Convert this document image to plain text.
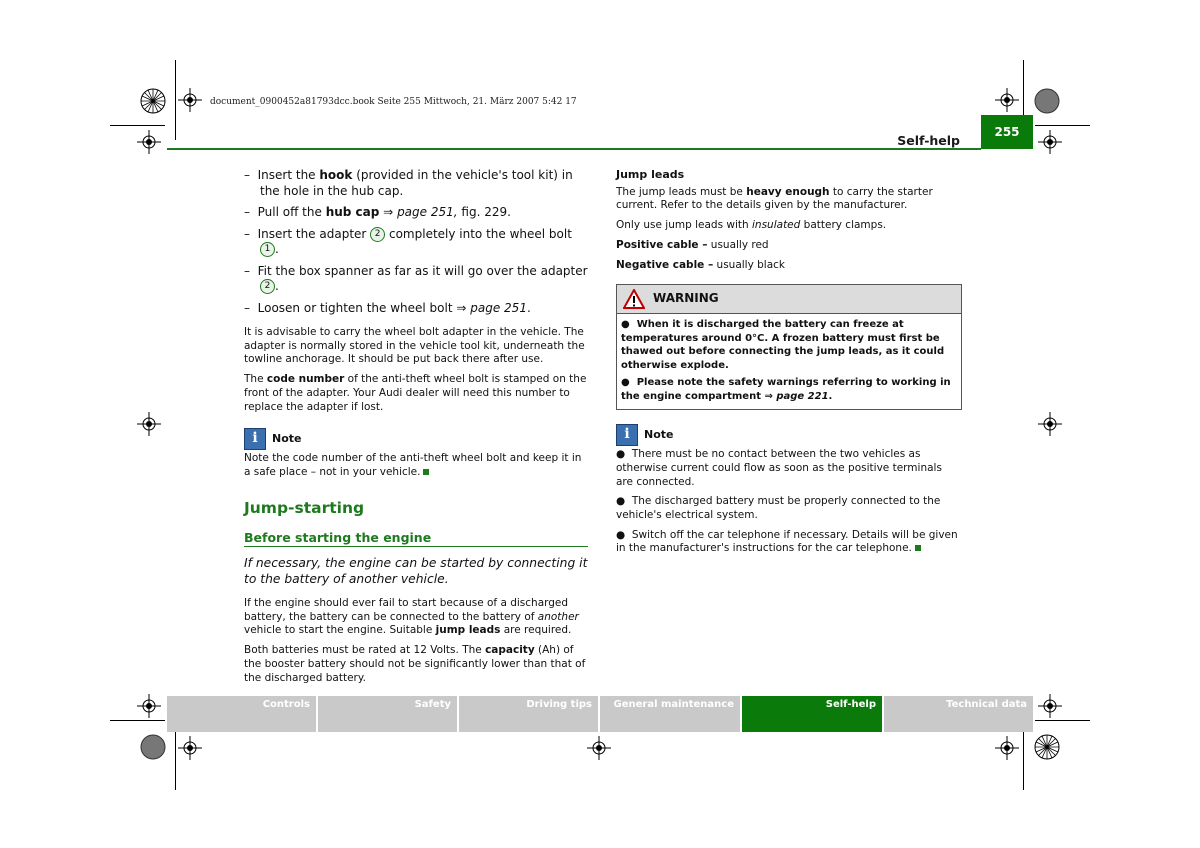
document_0900452a81793dcc.book Seite 255 Mittwoch, 21. März 2007 5:42 17
Self-help
255
–  Insert the hook (provided in the vehicle's tool kit) in the hole in the hub cap.
–  Pull off the hub cap ⇒ page 251, fig. 229.
–  Insert the adapter 2 completely into the wheel bolt 1 .
–  Fit the box spanner as far as it will go over the adapter 2 .
–  Loosen or tighten the wheel bolt ⇒ page 251.

It is advisable to carry the wheel bolt adapter in the vehicle. The adapter is normally stored in the vehicle tool kit, underneath the towline anchorage. It should be put back there after use.

The code number of the anti-theft wheel bolt is stamped on the front of the adapter. Your Audi dealer will need this number to replace the adapter if lost.

i	Note

Note the code number of the anti-theft wheel bolt and keep it in a safe place – not in your vehicle.

Jump-starting
Before starting the engine
If necessary, the engine can be started by connecting it to the battery of another vehicle.

If the engine should ever fail to start because of a discharged battery, the battery can be connected to the battery of another vehicle to start the engine. Suitable jump leads are required.

Both batteries must be rated at 12 Volts. The capacity (Ah) of the booster battery should not be significantly lower than that of the discharged battery.

Jump leads

The jump leads must be heavy enough to carry the starter current. Refer to the details given by the manufacturer.

Only use jump leads with insulated battery clamps.

Positive cable – usually red

Negative cable – usually black

WARNING

●  When it is discharged the battery can freeze at temperatures around 0°C. A frozen battery must first be thawed out before connecting the jump leads, as it could otherwise explode.

●  Please note the safety warnings referring to working in the engine compartment ⇒ page 221.

i	Note

●  There must be no contact between the two vehicles as otherwise current could flow as soon as the positive terminals are connected.

●  The discharged battery must be properly connected to the vehicle's electrical system.

●  Switch off the car telephone if necessary. Details will be given in the manufacturer's instructions for the car telephone.

Controls	Safety	Driving tips	General maintenance	Self-help	Technical data
